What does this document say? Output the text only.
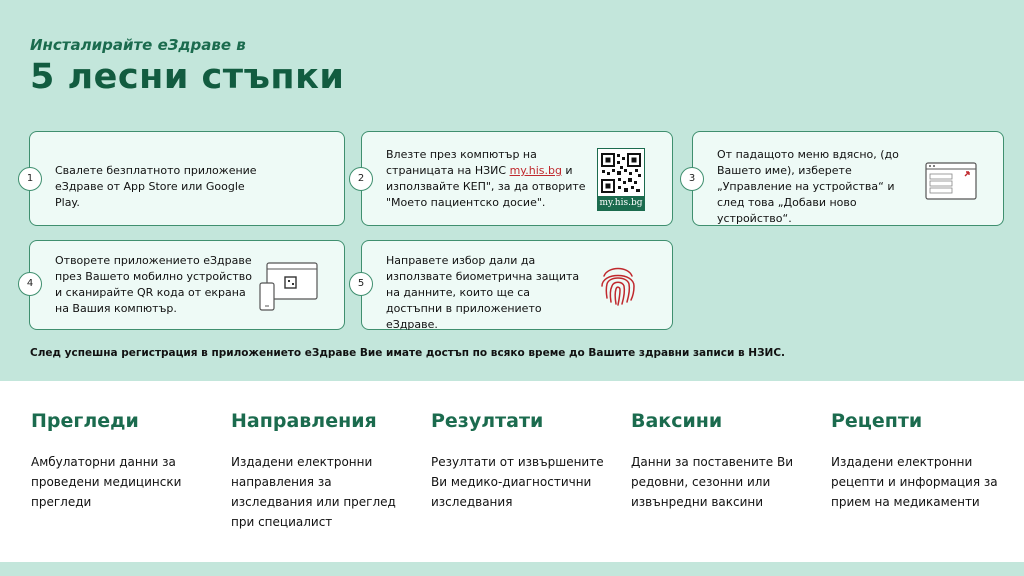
Инсталирайте еЗдраве в
5 лесни стъпки
1
Свалете безплатното приложение еЗдраве от App Store или Google Play.
2
Влезте през компютър на страницата на НЗИС my.his.bg и използвайте КЕП", за да отворите "Моето пациентско досие".	my.his.bg
3
От падащото меню вдясно, (до Вашето име), изберете „Управление на устройства“ и след това „Добави ново устройство“.
4
Отворете приложението еЗдраве през Вашето мобилно устройство и сканирайте QR кода от екрана на Вашия компютър.
5
Направете избор дали да използвате биометрична защита на данните, които ще са достъпни в приложението еЗдраве.
След успешна регистрация в приложението еЗдраве Вие имате достъп по всяко време до Вашите здравни записи в НЗИС.
Прегледи
Амбулаторни данни за проведени медицински прегледи
Направления
Издадени електронни направления за изследвания или преглед при специалист
Резултати
Резултати от извършените Ви медико-диагностични изследвания
Ваксини
Данни за поставените Ви редовни, сезонни или извънредни ваксини
Рецепти
Издадени електронни рецепти и информация за прием на медикаменти
